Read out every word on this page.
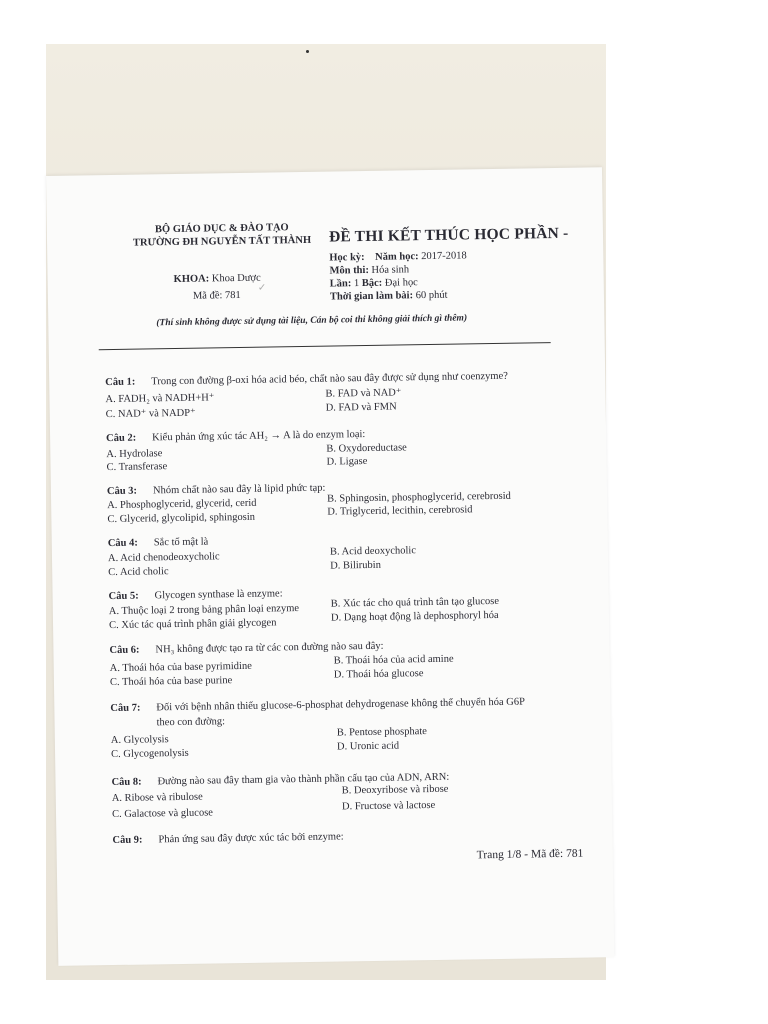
BỘ GIÁO DỤC & ĐÀO TẠO
TRƯỜNG ĐH NGUYỄN TẤT THÀNH
KHOA: Khoa Dược
Mã đề: 781
✓
ĐỀ THI KẾT THÚC HỌC PHẦN -
Học kỳ: Năm học: 2017-2018
Môn thi: Hóa sinh
Lần: 1 Bậc: Đại học
Thời gian làm bài: 60 phút
(Thí sinh không được sử dụng tài liệu, Cán bộ coi thi không giải thích gì thêm)
Câu 1: Trong con đường β-oxi hóa acid béo, chất nào sau đây được sử dụng như coenzyme?
A. FADH₂ và NADH+H⁺	B. FAD và NAD⁺
C. NAD⁺ và NADP⁺
D. FAD và FMN
Câu 2: Kiểu phản ứng xúc tác AH₂ → A là do enzym loại:
A. Hydrolase	B. Oxydoreductase
C. Transferase	D. Ligase
Câu 3: Nhóm chất nào sau đây là lipid phức tạp:
A. Phosphoglycerid, glycerid, cerid	B. Sphingosin, phosphoglycerid, cerebrosid
C. Glycerid, glycolipid, sphingosin
D. Triglycerid, lecithin, cerebrosid
Câu 4: Sắc tố mật là
A. Acid chenodeoxycholic	B. Acid deoxycholic
C. Acid cholic
D. Bilirubin
Câu 5: Glycogen synthase là enzyme:
A. Thuộc loại 2 trong bảng phân loại enzyme
B. Xúc tác cho quá trình tân tạo glucose
C. Xúc tác quá trình phân giải glycogen
D. Dạng hoạt động là dephosphoryl hóa
Câu 6: NH₃ không được tạo ra từ các con đường nào sau đây:
A. Thoái hóa của base pyrimidine
B. Thoái hóa của acid amine
C. Thoái hóa của base purine
D. Thoái hóa glucose
Câu 7: Đối với bệnh nhân thiếu glucose-6-phosphat dehydrogenase không thể chuyển hóa G6P
theo con đường:
A. Glycolysis
B. Pentose phosphate
C. Glycogenolysis
D. Uronic acid
Câu 8: Đường nào sau đây tham gia vào thành phần cấu tạo của ADN, ARN:
A. Ribose và ribulose
B. Deoxyribose và ribose
C. Galactose và glucose
D. Fructose và lactose
Câu 9: Phản ứng sau đây được xúc tác bởi enzyme:
Trang 1/8 - Mã đề: 781
